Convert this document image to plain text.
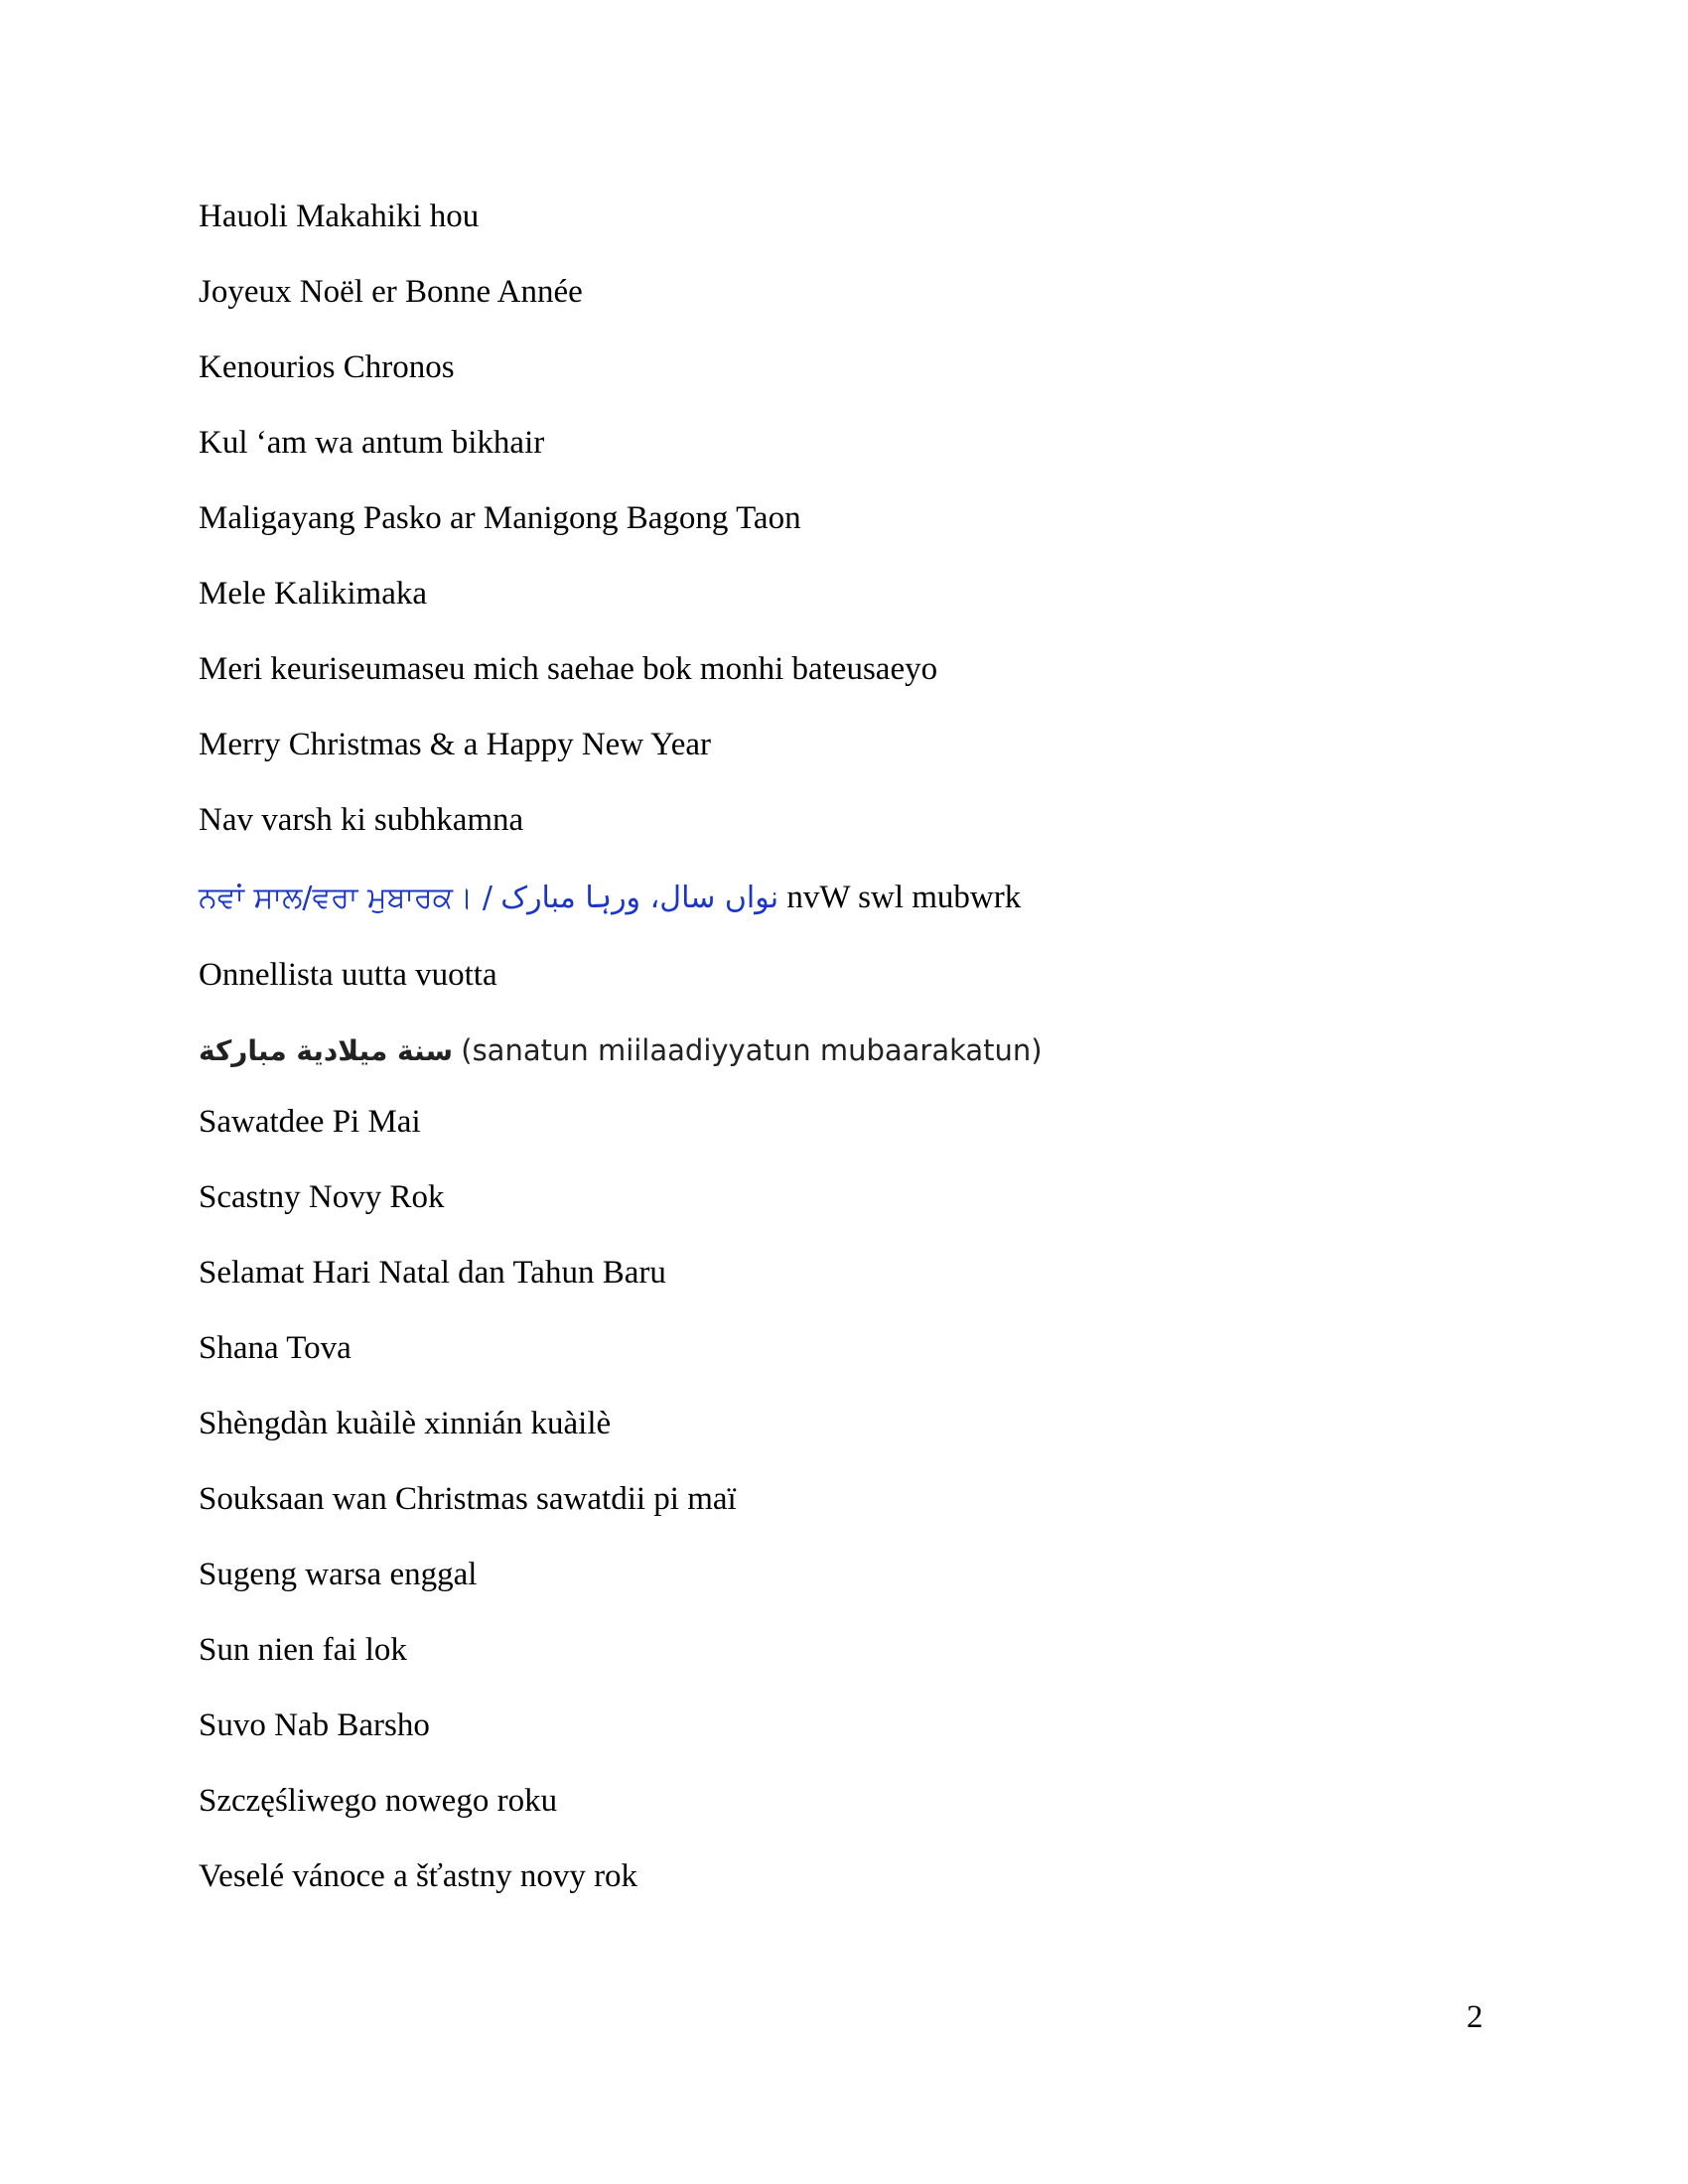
Hauoli Makahiki hou
Joyeux Noël er Bonne Année
Kenourios Chronos
Kul ‘am wa antum bikhair
Maligayang Pasko ar Manigong Bagong Taon
Mele Kalikimaka
Meri keuriseumaseu mich saehae bok monhi bateusaeyo
Merry Christmas & a Happy New Year
Nav varsh ki subhkamna
ਨਵਾਂ ਸਾਲ/ਵਰਾ ਮੁਬਾਰਕ। / نواں سال، ورہا مبارک nvW swl mubwrk
Onnellista uutta vuotta
سنة ميلادية مباركة (sanatun miilaadiyyatun mubaarakatun)
Sawatdee Pi Mai
Scastny Novy Rok
Selamat Hari Natal dan Tahun Baru
Shana Tova
Shèngdàn kuàilè xinnián kuàilè
Souksaan wan Christmas sawatdii pi maï
Sugeng warsa enggal
Sun nien fai lok
Suvo Nab Barsho
Szczęśliwego nowego roku
Veselé vánoce a šťastny novy rok
2
